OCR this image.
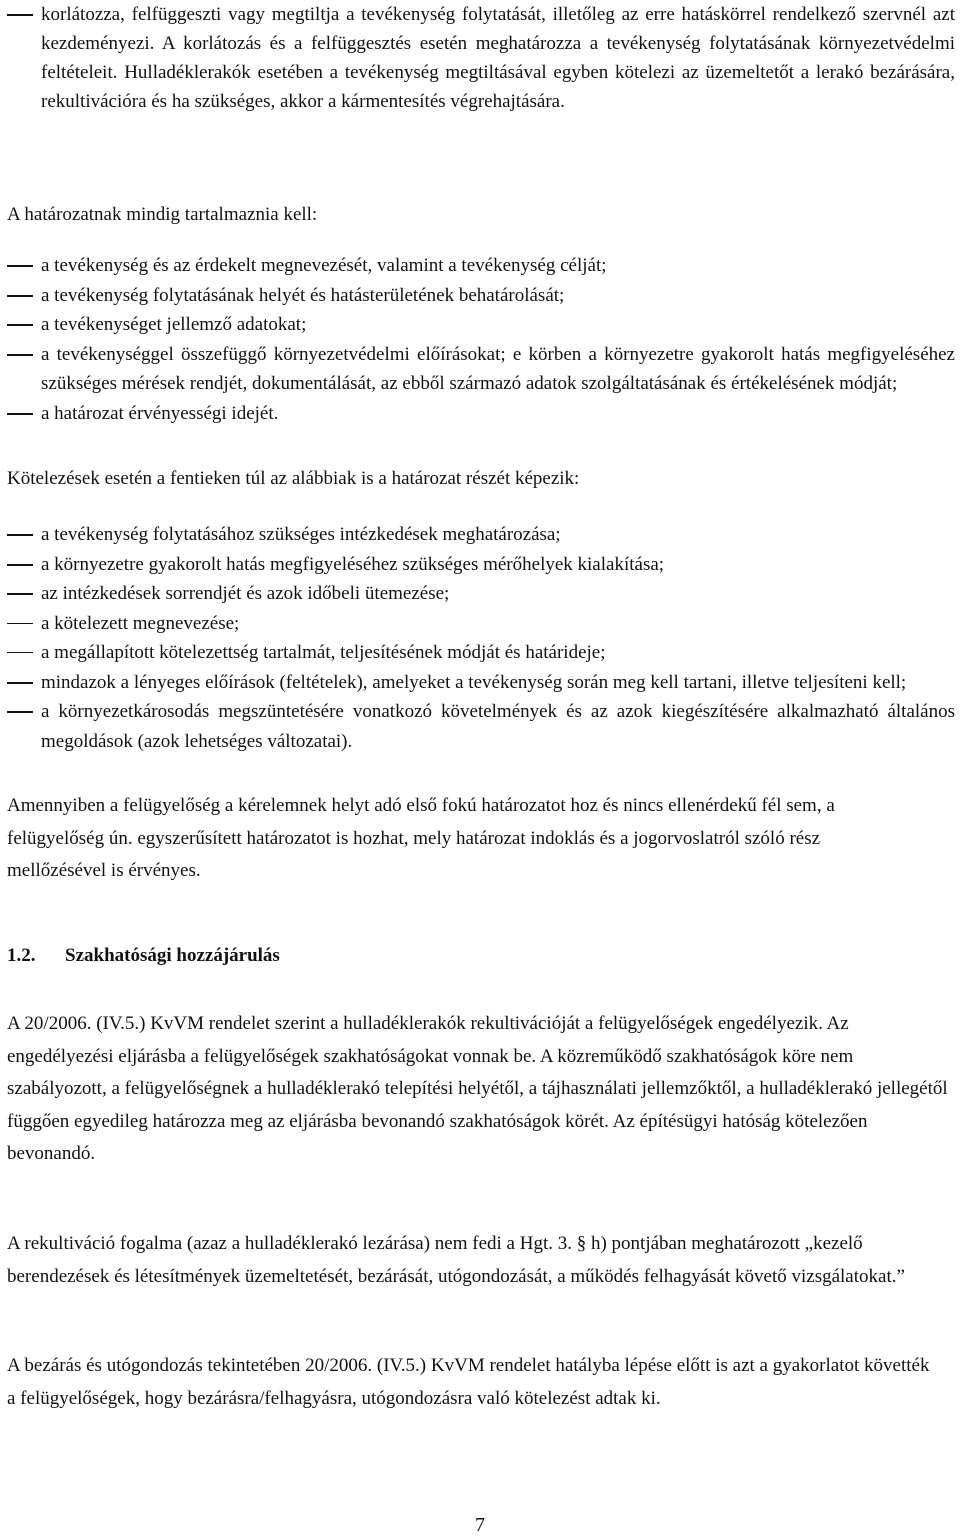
korlátozza, felfüggeszti vagy megtiltja a tevékenység folytatását, illetőleg az erre hatáskörrel rendelkező szervnél azt kezdeményezi. A korlátozás és a felfüggesztés esetén meghatározza a tevékenység folytatásának környezetvédelmi feltételeit. Hulladéklerakók esetében a tevékenység megtiltásával egyben kötelezi az üzemeltetőt a lerakó bezárására, rekultivációra és ha szükséges, akkor a kármentesítés végrehajtására.
A határozatnak mindig tartalmaznia kell:
a tevékenység és az érdekelt megnevezését, valamint a tevékenység célját;
a tevékenység folytatásának helyét és hatásterületének behatárolását;
a tevékenységet jellemző adatokat;
a tevékenységgel összefüggő környezetvédelmi előírásokat; e körben a környezetre gyakorolt hatás megfigyeléséhez szükséges mérések rendjét, dokumentálását, az ebből származó adatok szolgáltatásának és értékelésének módját;
a határozat érvényességi idejét.
Kötelezések esetén a fentieken túl az alábbiak is a határozat részét képezik:
a tevékenység folytatásához szükséges intézkedések meghatározása;
a környezetre gyakorolt hatás megfigyeléséhez szükséges mérőhelyek kialakítása;
az intézkedések sorrendjét és azok időbeli ütemezése;
a kötelezett megnevezése;
a megállapított kötelezettség tartalmát, teljesítésének módját és határideje;
mindazok a lényeges előírások (feltételek), amelyeket a tevékenység során meg kell tartani, illetve teljesíteni kell;
a környezetkárosodás megszüntetésére vonatkozó követelmények és az azok kiegészítésére alkalmazható általános megoldások (azok lehetséges változatai).
Amennyiben a felügyelőség a kérelemnek helyt adó első fokú határozatot hoz és nincs ellenérdekű fél sem, a felügyelőség ún. egyszerűsített határozatot is hozhat, mely határozat indoklás és a jogorvoslatról szóló rész mellőzésével is érvényes.
1.2. Szakhatósági hozzájárulás
A 20/2006. (IV.5.) KvVM rendelet szerint a hulladéklerakók rekultivációját a felügyelőségek engedélyezik. Az engedélyezési eljárásba a felügyelőségek szakhatóságokat vonnak be. A közreműködő szakhatóságok köre nem szabályozott, a felügyelőségnek a hulladéklerakó telepítési helyétől, a tájhasználati jellemzőktől, a hulladéklerakó jellegétől függően egyedileg határozza meg az eljárásba bevonandó szakhatóságok körét. Az építésügyi hatóság kötelezően bevonandó.
A rekultiváció fogalma (azaz a hulladéklerakó lezárása) nem fedi a Hgt. 3. § h) pontjában meghatározott „kezelő berendezések és létesítmények üzemeltetését, bezárását, utógondozását, a működés felhagyását követő vizsgálatokat.”
A bezárás és utógondozás tekintetében 20/2006. (IV.5.) KvVM rendelet hatályba lépése előtt is azt a gyakorlatot követték a felügyelőségek, hogy bezárásra/felhagyásra, utógondozásra való kötelezést adtak ki.
7
